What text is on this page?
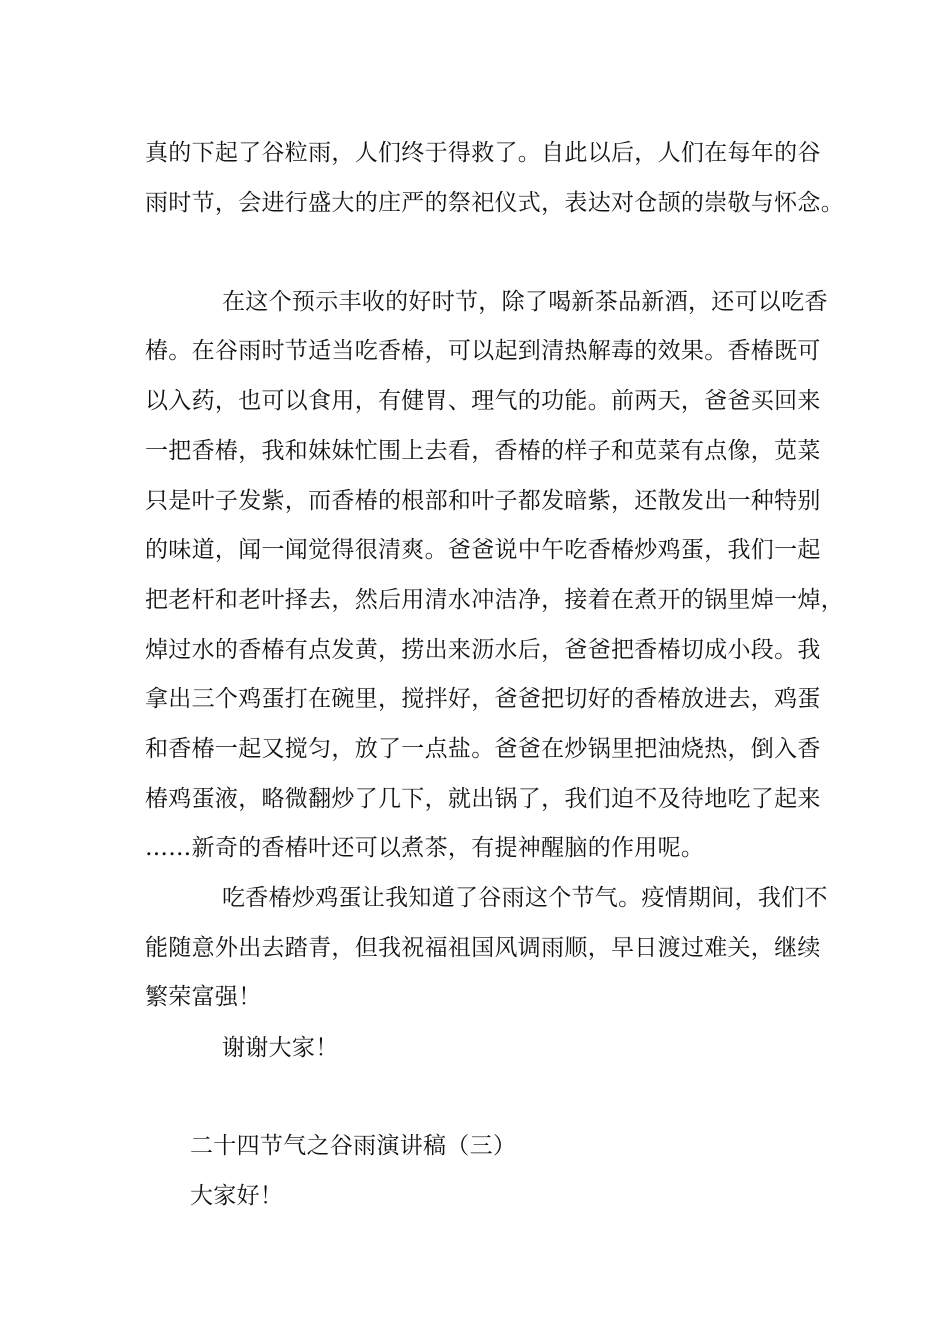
真的下起了谷粒雨，人们终于得救了。自此以后，人们在每年的谷
雨时节，会进行盛大的庄严的祭祀仪式，表达对仓颉的崇敬与怀念。
在这个预示丰收的好时节，除了喝新茶品新酒，还可以吃香
椿。在谷雨时节适当吃香椿，可以起到清热解毒的效果。香椿既可
以入药，也可以食用，有健胃、理气的功能。前两天，爸爸买回来
一把香椿，我和妹妹忙围上去看，香椿的样子和苋菜有点像，苋菜
只是叶子发紫，而香椿的根部和叶子都发暗紫，还散发出一种特别
的味道，闻一闻觉得很清爽。爸爸说中午吃香椿炒鸡蛋，我们一起
把老杆和老叶择去，然后用清水冲洁净，接着在煮开的锅里焯一焯，
焯过水的香椿有点发黄，捞出来沥水后，爸爸把香椿切成小段。我
拿出三个鸡蛋打在碗里，搅拌好，爸爸把切好的香椿放进去，鸡蛋
和香椿一起又搅匀，放了一点盐。爸爸在炒锅里把油烧热，倒入香
椿鸡蛋液，略微翻炒了几下，就出锅了，我们迫不及待地吃了起来
……新奇的香椿叶还可以煮茶，有提神醒脑的作用呢。
吃香椿炒鸡蛋让我知道了谷雨这个节气。疫情期间，我们不
能随意外出去踏青，但我祝福祖国风调雨顺，早日渡过难关，继续
繁荣富强！
谢谢大家！
二十四节气之谷雨演讲稿（三）
大家好！
